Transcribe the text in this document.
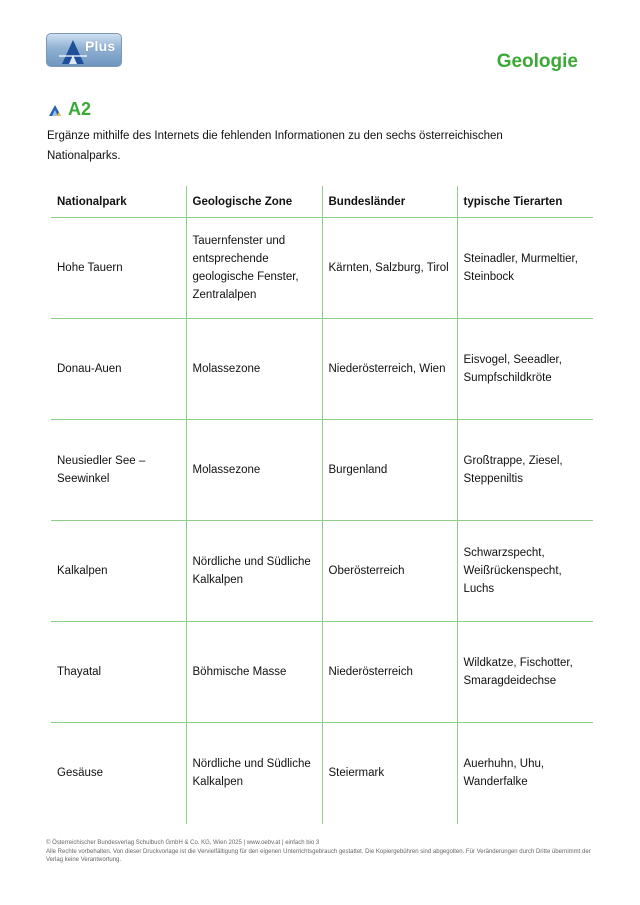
Plus
Geologie
A2
Ergänze mithilfe des Internets die fehlenden Informationen zu den sechs österreichischen Nationalparks.
Nationalpark	Geologische Zone	Bundesländer	typische Tierarten
Hohe Tauern	Tauernfenster und entsprechende geologische Fenster, Zentralalpen	Kärnten, Salzburg, Tirol	Steinadler, Murmeltier, Steinbock
Donau-Auen	Molassezone	Niederösterreich, Wien	Eisvogel, Seeadler, Sumpfschildkröte
Neusiedler See – Seewinkel	Molassezone	Burgenland	Großtrappe, Ziesel, Steppeniltis
Kalkalpen	Nördliche und Südliche Kalkalpen	Oberösterreich	Schwarzspecht, Weißrückenspecht, Luchs
Thayatal	Böhmische Masse	Niederösterreich	Wildkatze, Fischotter, Smaragdeidechse
Gesäuse	Nördliche und Südliche Kalkalpen	Steiermark	Auerhuhn, Uhu, Wanderfalke
© Österreichischer Bundesverlag Schulbuch GmbH & Co. KG, Wien 2025 | www.oebv.at | einfach bio 3
Alle Rechte vorbehalten. Von dieser Druckvorlage ist die Vervielfältigung für den eigenen Unterrichtsgebrauch gestattet. Die Kopiergebühren sind abgegolten. Für Veränderungen durch Dritte übernimmt der Verlag keine Verantwortung.
